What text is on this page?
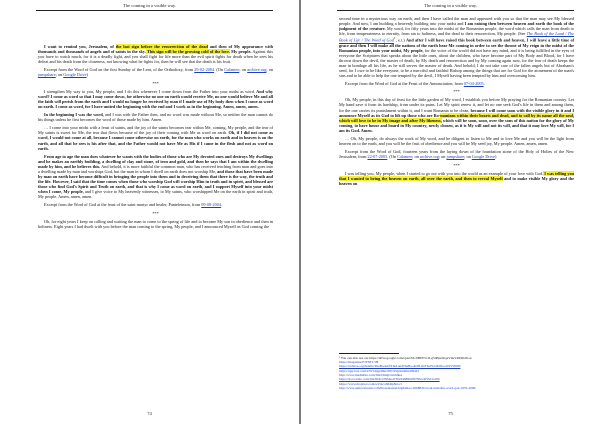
The coming in a visible way.

I want to remind you, Jerusalem, of the last sign before the resurrection of the dead and then of My appearance with thousands and thousands of angels and of saints in the sky. This sign will be the growing cold of the love. My people. Against this you have to watch much, for it is a deadly fight, and you shall fight for life more than the evil spirit fights for death when he sees his defeat and his death from the closeness, not knowing what he fights for, then he will see that the death is his fruit.

Excerpt from the Word of God on the first Sunday of the Lent, of the Orthodoxy, from 29-02-2004. (On Calameo; on archive.org; on jumpshare; on Google Drive)

***

I strengthen My way to you, My people, and I do this whenever I come down from the Father into your midst as word. And why word? I come as word so that I may come down, for otherwise no one on earth would receive Me, no one would believe Me and all the faith will perish from the earth and I would no longer be received by man if I made use of My body then when I come as word on earth. I come as word, for I have united the beginning with the end and I work as in the beginning. Amen, amen, amen.

In the beginning I was the word, and I was with the Father then, and no word was made without Me, so neither the man cannot do his things unless he first becomes the word of those made by him. Amen.

… I come into your midst with a feast of saints, and the joy of the saints becomes tear within Me, coming, My people, and the tear of My saints is sweet for Me, the tear that flows because of the joy of their coming with Me as word on earth. Oh, if I did not come as word, I would not come at all, because I cannot come otherwise on earth, for the man who works on earth and in heaven is on the earth, and all that he sees is his after that, and the Father would not have Me as His if I came in the flesh and not as word on earth.

From age to age the man does whatever he wants with the bodies of those who are My devoted ones and destroys My dwellings and he makes an earthly building, a dwelling of clay and stone, of iron and gold, and then he says that I am within the dwelling made by him, and he believes this. And behold, it is more faithful the common man, who has received teaching from man and goes into a dwelling made by man and worships God, but the man in whom I dwell on earth does not worship Me, and those that have been made by man on earth have become difficult in bringing the people into them and in deceiving them that there is the way, the truth and the life. However, I said that the time comes when those who worship God will worship Him in truth and in spirit, and blessed are those who find God's Spirit and Truth on earth, and that is why I come as word on earth, and I support Myself into your midst when I come, My people, and I give voice to My heavenly witnesses, to My saints, who worshipped Me on the earth in spirit and truth, My people. Amen, amen, amen.

Excerpt from the Word of God at the feast of the saint martyr and healer, Panteleimon, from 09-08-2004.

***

Oh, for eight years I keep on calling and waiting the man to come to the spring of life and to become My son in obedience and then in holiness. Eight years I had dwelt with you before the man coming to the spring, My people, and I announced Myself as God coming the

74
The coming in a visible way.

second time in a mysterious way on earth, and then I have called the man and appeared with you so that the man may see My blessed people. And now, I am building a heavenly building into your midst and I am raising then between heaven and earth the book of the judgment of the creature. My word, for fifty years into the midst of the Romanian people, the word which calls the man from death to life, from temperateness to eternity, from sin to holiness, and the dead to their resurrection, My people. (See The Book of the Land / The Book of Life / The Word of God$^1$, e.t.) And after I will have raised this book between earth and heaven, I will leave a little time of grace and then I will make all the nations of the earth hear Me coming in order to see the throne of My reign in the midst of the Romanian people, into your midst, My people, for the voice of the world did not have any mind, and it is being fulfilled in the eyes of everyone the Scriptures that speaks about the little ones, about the children, who have become part of My Body and Blood, for I have thrown down the devil, the master of death, by My death and resurrection and by My coming again now, for the fear of death keeps the man in bondage all his life, as he still serves the master of death. And behold, I do not take care of the fallen angels but of Abraham's seed, for I owe to be like everyone, to be a merciful and faithful Bishop among the things that are for God for the atonement of the man's sins and to be able to help the one tempted by the devil, I Myself having been tempted by him and overcoming him.

Excerpt from the Word of God at the Feast of the Annunciation, from 07-04-2005.

***

Oh, My people, in this day of feast for the little garden of My word, I establish you before My praying for the Romanian country. Let My hand save it from its hardship, from under its pains. Let My spirit renew it, and let no one seek God's life in them and among them, for the one carries its punishment within it, and I want Romania to be clean, because I will come soon with the visible glory in it and I announce Myself as its God to lift up those who are Ro-manians within their hearts and dead, and to call by its name all the soul, which will love to be in My image and after My likeness, which will be soon, soon, over the sons of this nation for the glory of My coming, to have house and board in My country, newly chosen, as it is My will and not its will, and that it may love My will, for I am its God. Amen.

… Oh, My people, do always the work of My word, and be diligent to listen to Me and to love Me and you will be the light from heaven on to the earth, and you will be the fruit of obedience and you will be My seed joy, My people. Amen, amen, amen.

Excerpt from the Word of God, fourteen years from the laying down of the foundation stone of the Holy of Holies of the New Jerusalem, from 22-07-2005. (On Calameo; on archive.org; on jumpshare; on Google Drive)

***

I was telling you, My people, when I started to go out with you into the world as an example of your love with God. I was telling you that I wanted to bring the heaven on earth, all over the earth, and then to reveal Myself and to make visible My glory and the heaven on

¹ You can also see on: https://drive.google.com/open?id=0B6Y5v1Lg5tPlpzOtqeVmc1RTh0c0Gu
https://magazine/FJY8TC3H
https://archive.org/details/TheBookOfTheLandTheBookOfLifeTheWordOfGod19555099
https://app.box.com/s/9v1dtgzdmu195vtbvjuxaa0ku18ki22
http://www.mediafire.com/file/bfmtjrcmrhfkes
https://docs.zoho.com/file/8x4v1b9bho4730224h89b4f9765ec4f55d1a19b
https://www.dropbox.com/s/z5xcol9f4lp8olo/t
http://www.authorstream.com/Presentation/bdjdamao-2998830-book-land-life-word-god-1955-2009/
75
